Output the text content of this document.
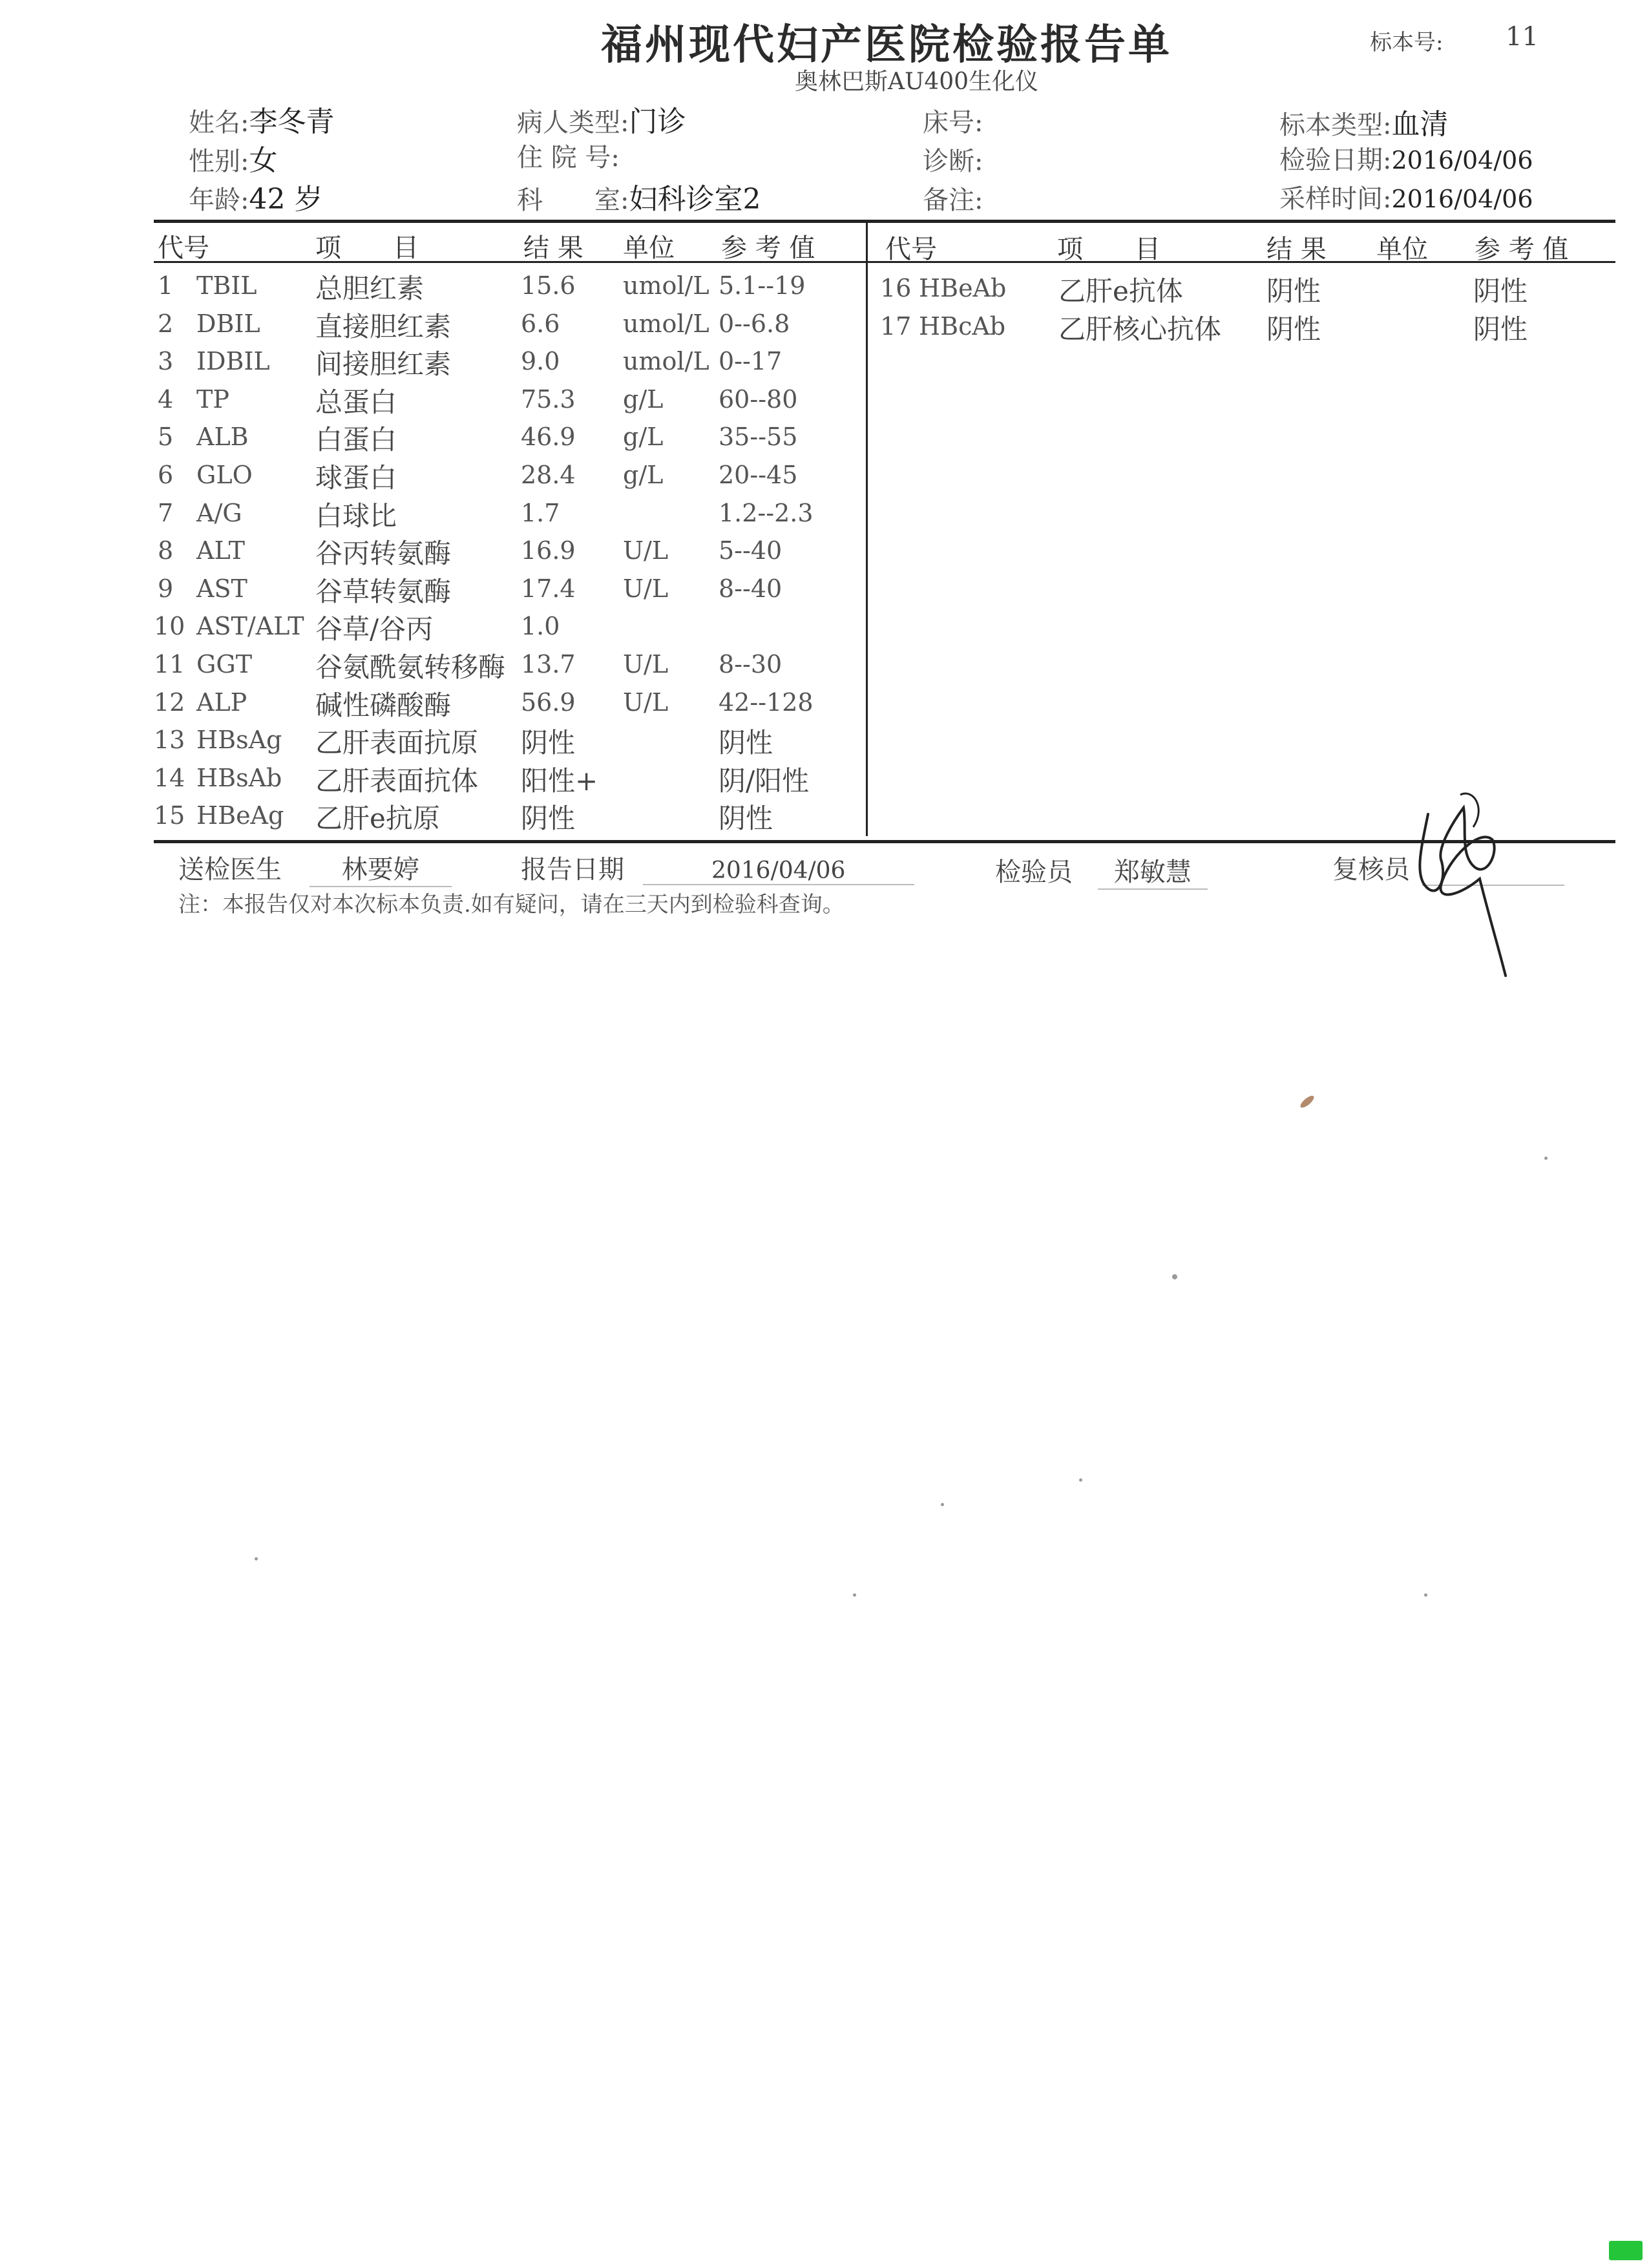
福州现代妇产医院检验报告单
奥林巴斯AU400生化仪
标本号: 11
姓名:李冬青
性别:女
年龄:42 岁
病人类型:门诊
住 院 号:
科　　室:妇科诊室2
床号:
诊断:
备注:
标本类型:血清
检验日期:2016/04/06
采样时间:2016/04/06
代号	项　　目	结 果 单位 参 考 值	代号	项　　目	结 果 单位 参 考 值
1 TBIL 总胆红素	15.6 umol/L 5.1--19
2 DBIL 直接胆红素	6.6	umol/L 0--6.8
3 IDBIL 间接胆红素	9.0	umol/L 0--17
4 TP	总蛋白	75.3 g/L 60--80
5 ALB 白蛋白	46.9 g/L 35--55
6 GLO 球蛋白	28.4 g/L 20--45
7 A/G	白球比	1.7	1.2--2.3
8 ALT	谷丙转氨酶	16.9 U/L 5--40
9 AST	谷草转氨酶	17.4 U/L 8--40
10 AST/ALT 谷草/谷丙	1.0
11 GGT 谷氨酰氨转移酶 13.7 U/L 8--30
12 ALP	碱性磷酸酶	56.9 U/L 42--128
13 HBsAg 乙肝表面抗原 阴性	阴性
14 HBsAb 乙肝表面抗体 阳性+	阴/阳性
15 HBeAg 乙肝e抗原	阴性	阴性
16 HBeAb 乙肝e抗体	阴性	阴性
17 HBcAb 乙肝核心抗体 阴性	阴性
送检医生 林要婷	报告日期	2016/04/06	检验员 郑敏慧	复核员
注：本报告仅对本次标本负责.如有疑问，请在三天内到检验科查询。
